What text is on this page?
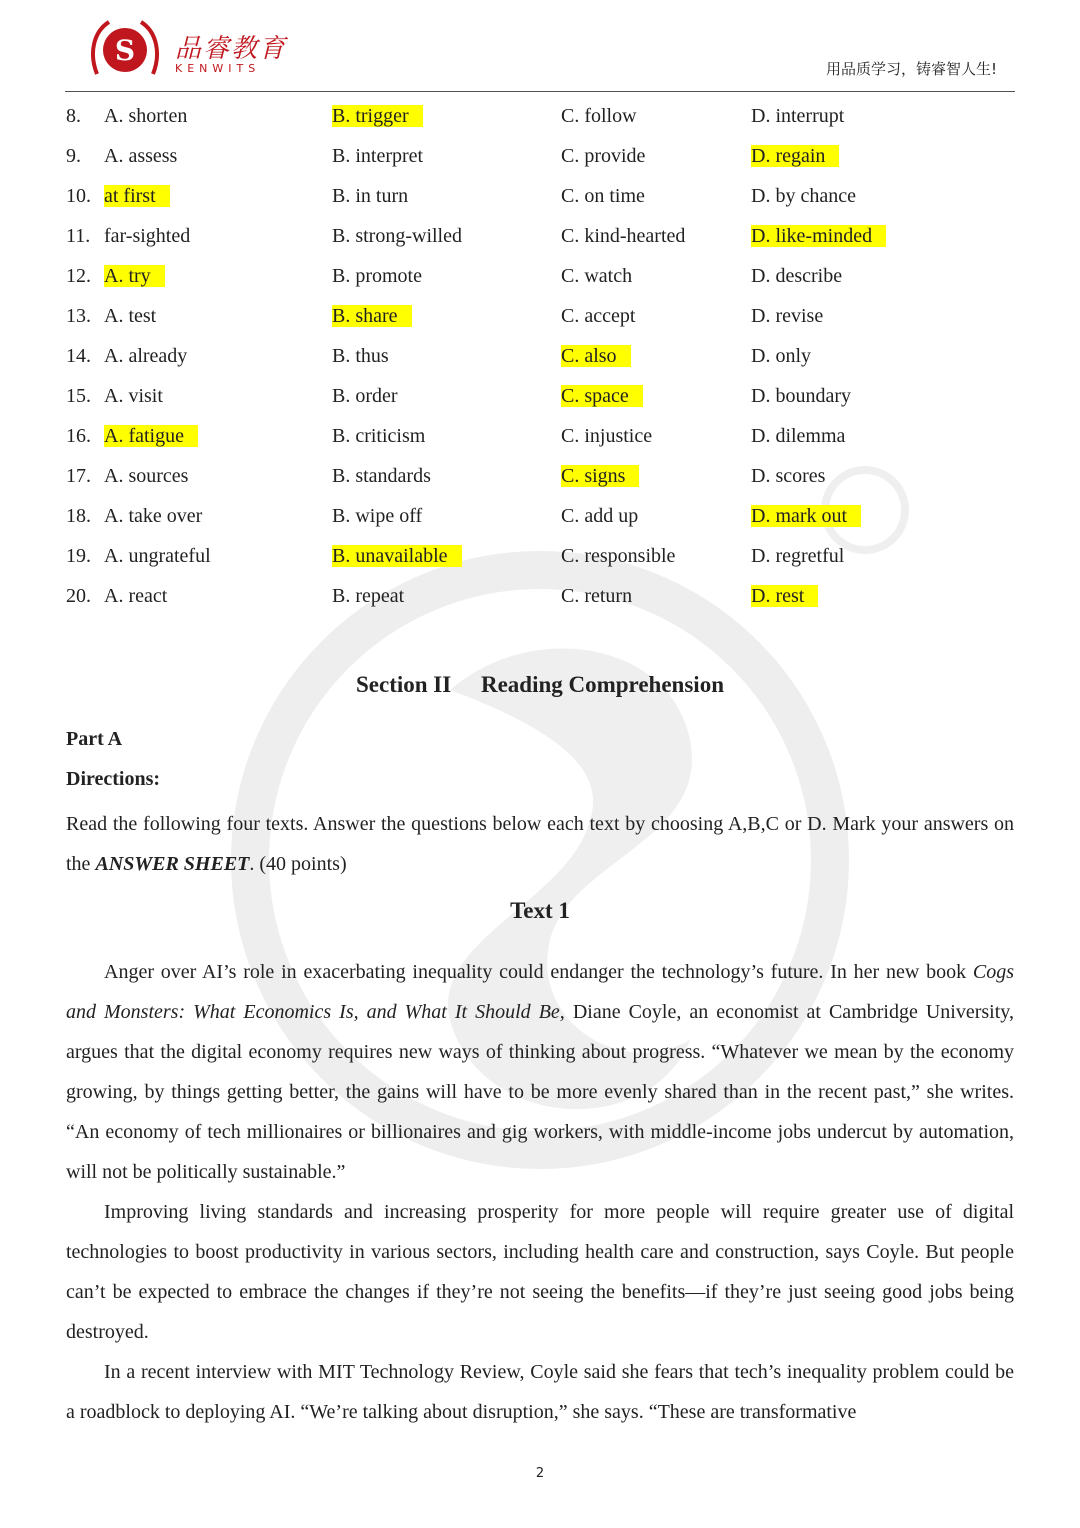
S 品睿教育
KENWITS	用品质学习，铸睿智人生!
8. A. shorten	B. trigger	C. follow	D. interrupt
9. A. assess	B. interpret	C. provide	D. regain
10. at first	B. in turn	C. on time	D. by chance
11. far-sighted	B. strong-willed	C. kind-hearted	D. like-minded
12. A. try	B. promote	C. watch	D. describe
13. A. test	B. share	C. accept	D. revise
14. A. already	B. thus	C. also	D. only
15. A. visit	B. order	C. space	D. boundary
16. A. fatigue	B. criticism	C. injustice	D. dilemma
17. A. sources	B. standards	C. signs	D. scores
18. A. take over	B. wipe off	C. add up	D. mark out
19. A. ungrateful	B. unavailable	C. responsible	D. regretful
20. A. react	B. repeat	C. return	D. rest
Section II Reading Comprehension
Part A
Directions:
Read the following four texts. Answer the questions below each text by choosing A,B,C or D. Mark your answers on the ANSWER SHEET. (40 points)
Text 1
Anger over AI’s role in exacerbating inequality could endanger the technology’s future. In her new book Cogs and Monsters: What Economics Is, and What It Should Be, Diane Coyle, an economist at Cambridge University, argues that the digital economy requires new ways of thinking about progress. “Whatever we mean by the economy growing, by things getting better, the gains will have to be more evenly shared than in the recent past,” she writes. “An economy of tech millionaires or billionaires and gig workers, with middle-income jobs undercut by automation, will not be politically sustainable.”
Improving living standards and increasing prosperity for more people will require greater use of digital technologies to boost productivity in various sectors, including health care and construction, says Coyle. But people can’t be expected to embrace the changes if they’re not seeing the benefits—if they’re just seeing good jobs being destroyed.
In a recent interview with MIT Technology Review, Coyle said she fears that tech’s inequality problem could be a roadblock to deploying AI. “We’re talking about disruption,” she says. “These are transformative
2
